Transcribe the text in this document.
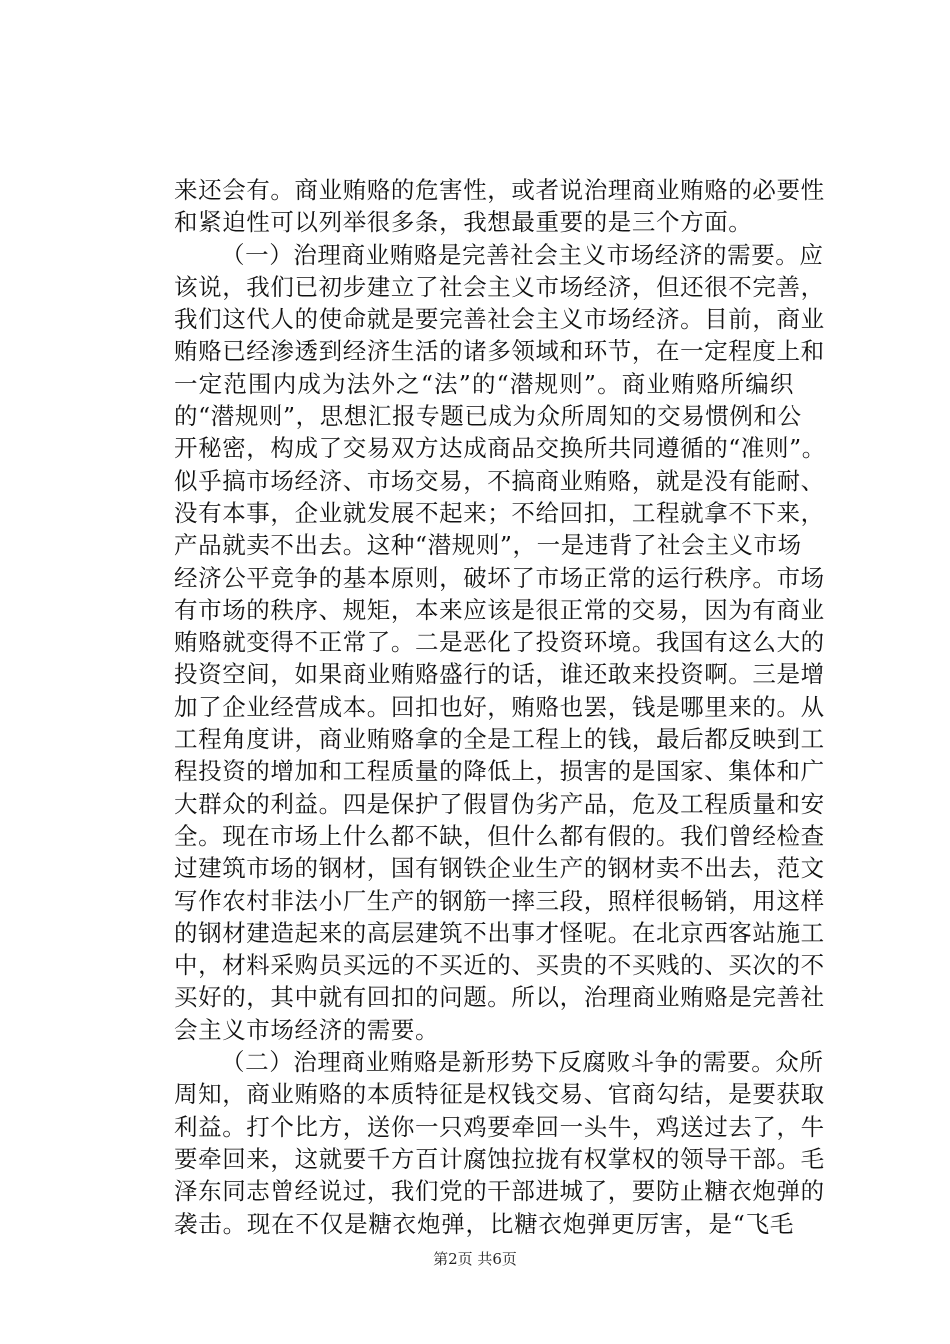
来还会有。商业贿赂的危害性，或者说治理商业贿赂的必要性
和紧迫性可以列举很多条，我想最重要的是三个方面。
（一）治理商业贿赂是完善社会主义市场经济的需要。应
该说，我们已初步建立了社会主义市场经济，但还很不完善，
我们这代人的使命就是要完善社会主义市场经济。目前，商业
贿赂已经渗透到经济生活的诸多领域和环节，在一定程度上和
一定范围内成为法外之“法”的“潜规则”。商业贿赂所编织
的“潜规则”，思想汇报专题已成为众所周知的交易惯例和公
开秘密，构成了交易双方达成商品交换所共同遵循的“准则”。
似乎搞市场经济、市场交易，不搞商业贿赂，就是没有能耐、
没有本事，企业就发展不起来；不给回扣，工程就拿不下来，
产品就卖不出去。这种“潜规则”，一是违背了社会主义市场
经济公平竞争的基本原则，破坏了市场正常的运行秩序。市场
有市场的秩序、规矩，本来应该是很正常的交易，因为有商业
贿赂就变得不正常了。二是恶化了投资环境。我国有这么大的
投资空间，如果商业贿赂盛行的话，谁还敢来投资啊。三是增
加了企业经营成本。回扣也好，贿赂也罢，钱是哪里来的。从
工程角度讲，商业贿赂拿的全是工程上的钱，最后都反映到工
程投资的增加和工程质量的降低上，损害的是国家、集体和广
大群众的利益。四是保护了假冒伪劣产品，危及工程质量和安
全。现在市场上什么都不缺，但什么都有假的。我们曾经检查
过建筑市场的钢材，国有钢铁企业生产的钢材卖不出去，范文
写作农村非法小厂生产的钢筋一摔三段，照样很畅销，用这样
的钢材建造起来的高层建筑不出事才怪呢。在北京西客站施工
中，材料采购员买远的不买近的、买贵的不买贱的、买次的不
买好的，其中就有回扣的问题。所以，治理商业贿赂是完善社
会主义市场经济的需要。
（二）治理商业贿赂是新形势下反腐败斗争的需要。众所
周知，商业贿赂的本质特征是权钱交易、官商勾结，是要获取
利益。打个比方，送你一只鸡要牵回一头牛，鸡送过去了，牛
要牵回来，这就要千方百计腐蚀拉拢有权掌权的领导干部。毛
泽东同志曾经说过，我们党的干部进城了，要防止糖衣炮弹的
袭击。现在不仅是糖衣炮弹，比糖衣炮弹更厉害，是“飞毛
第2页 共6页
